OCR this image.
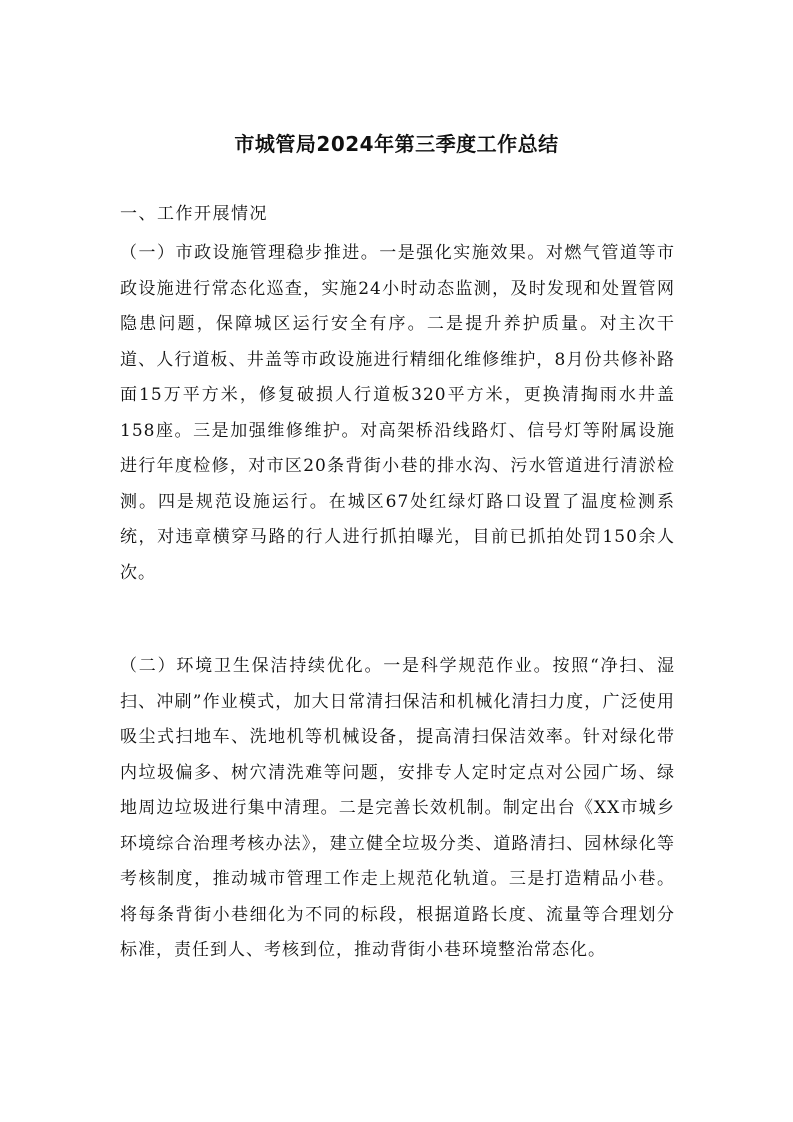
市城管局2024年第三季度工作总结

一、工作开展情况

（一）市政设施管理稳步推进。一是强化实施效果。对燃气管道等市政设施进行常态化巡查，实施24小时动态监测，及时发现和处置管网隐患问题，保障城区运行安全有序。二是提升养护质量。对主次干道、人行道板、井盖等市政设施进行精细化维修维护，8月份共修补路面15万平方米，修复破损人行道板320平方米，更换清掏雨水井盖158座。三是加强维修维护。对高架桥沿线路灯、信号灯等附属设施进行年度检修，对市区20条背街小巷的排水沟、污水管道进行清淤检测。四是规范设施运行。在城区67处红绿灯路口设置了温度检测系统，对违章横穿马路的行人进行抓拍曝光，目前已抓拍处罚150余人次。

（二）环境卫生保洁持续优化。一是科学规范作业。按照“净扫、湿扫、冲刷”作业模式，加大日常清扫保洁和机械化清扫力度，广泛使用吸尘式扫地车、洗地机等机械设备，提高清扫保洁效率。针对绿化带内垃圾偏多、树穴清洗难等问题，安排专人定时定点对公园广场、绿地周边垃圾进行集中清理。二是完善长效机制。制定出台《XX市城乡环境综合治理考核办法》，建立健全垃圾分类、道路清扫、园林绿化等考核制度，推动城市管理工作走上规范化轨道。三是打造精品小巷。将每条背街小巷细化为不同的标段，根据道路长度、流量等合理划分标准，责任到人、考核到位，推动背街小巷环境整治常态化。
